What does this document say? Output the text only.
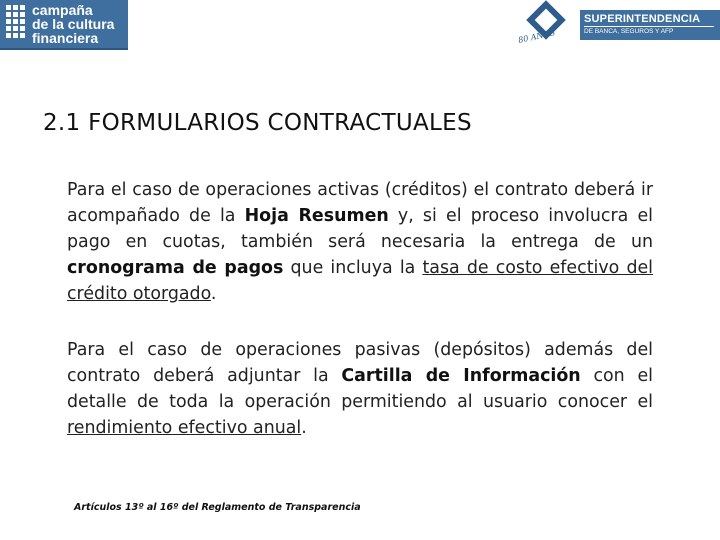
campaña
de la cultura
financiera	80 AÑOS
SUPERINTENDENCIA
DE BANCA, SEGUROS Y AFP
2.1 FORMULARIOS CONTRACTUALES
Para el caso de operaciones activas (créditos) el contrato deberá ir acompañado de la Hoja Resumen y, si el proceso involucra el pago en cuotas, también será necesaria la entrega de un cronograma de pagos que incluya la tasa de costo efectivo del crédito otorgado.
Para el caso de operaciones pasivas (depósitos) además del contrato deberá adjuntar la Cartilla de Información con el detalle de toda la operación permitiendo al usuario conocer el rendimiento efectivo anual.
Artículos 13º al 16º del Reglamento de Transparencia
